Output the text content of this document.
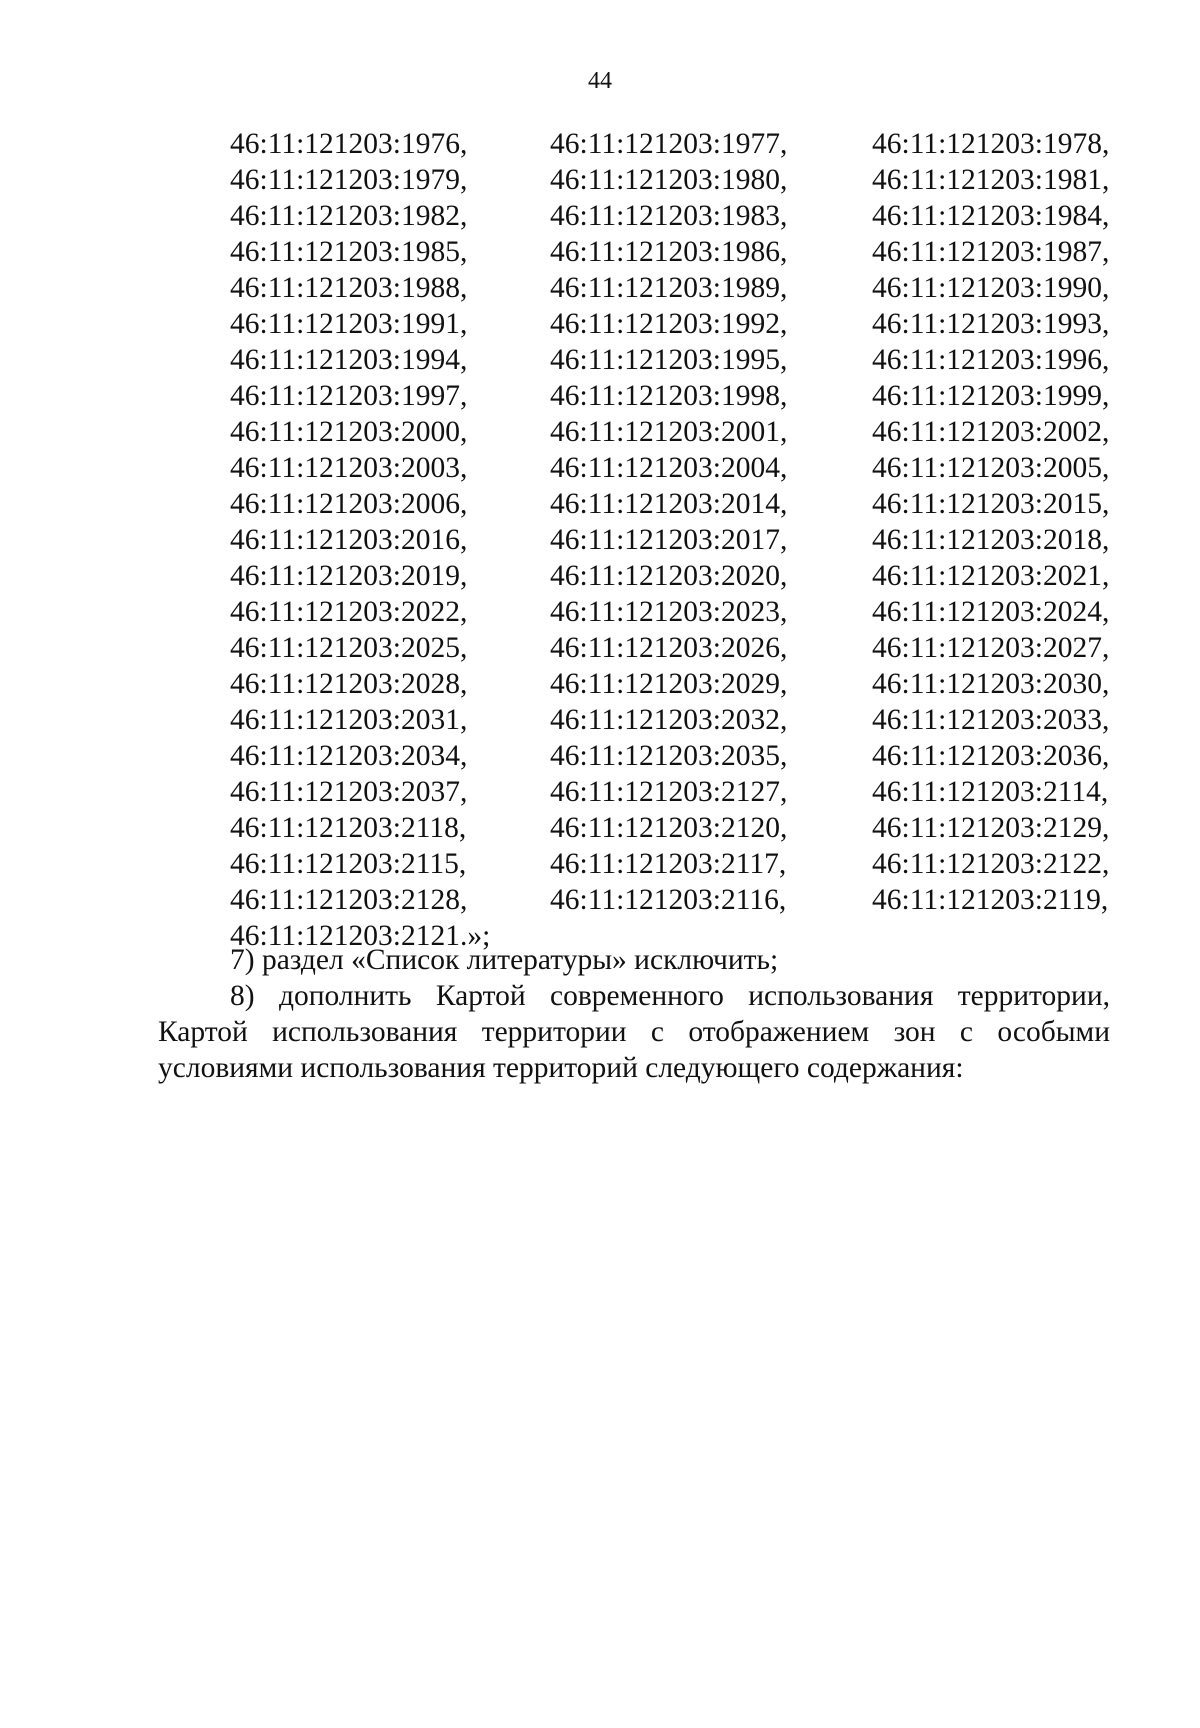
44
46:11:121203:1976,	46:11:121203:1977,	46:11:121203:1978,
46:11:121203:1979,	46:11:121203:1980,	46:11:121203:1981,
46:11:121203:1982,	46:11:121203:1983,	46:11:121203:1984,
46:11:121203:1985,	46:11:121203:1986,	46:11:121203:1987,
46:11:121203:1988,	46:11:121203:1989,	46:11:121203:1990,
46:11:121203:1991,	46:11:121203:1992,	46:11:121203:1993,
46:11:121203:1994,	46:11:121203:1995,	46:11:121203:1996,
46:11:121203:1997,	46:11:121203:1998,	46:11:121203:1999,
46:11:121203:2000,	46:11:121203:2001,	46:11:121203:2002,
46:11:121203:2003,	46:11:121203:2004,	46:11:121203:2005,
46:11:121203:2006,	46:11:121203:2014,	46:11:121203:2015,
46:11:121203:2016,	46:11:121203:2017,	46:11:121203:2018,
46:11:121203:2019,	46:11:121203:2020,	46:11:121203:2021,
46:11:121203:2022,	46:11:121203:2023,	46:11:121203:2024,
46:11:121203:2025,	46:11:121203:2026,	46:11:121203:2027,
46:11:121203:2028,	46:11:121203:2029,	46:11:121203:2030,
46:11:121203:2031,	46:11:121203:2032,	46:11:121203:2033,
46:11:121203:2034,	46:11:121203:2035,	46:11:121203:2036,
46:11:121203:2037,	46:11:121203:2127,	46:11:121203:2114,
46:11:121203:2118,	46:11:121203:2120,	46:11:121203:2129,
46:11:121203:2115,	46:11:121203:2117,	46:11:121203:2122,
46:11:121203:2128,	46:11:121203:2116,	46:11:121203:2119,
46:11:121203:2121.»;

7) раздел «Список литературы» исключить;

8) дополнить Картой современного использования территории,

Картой использования территории с отображением зон с особыми

условиями использования территорий следующего содержания:
